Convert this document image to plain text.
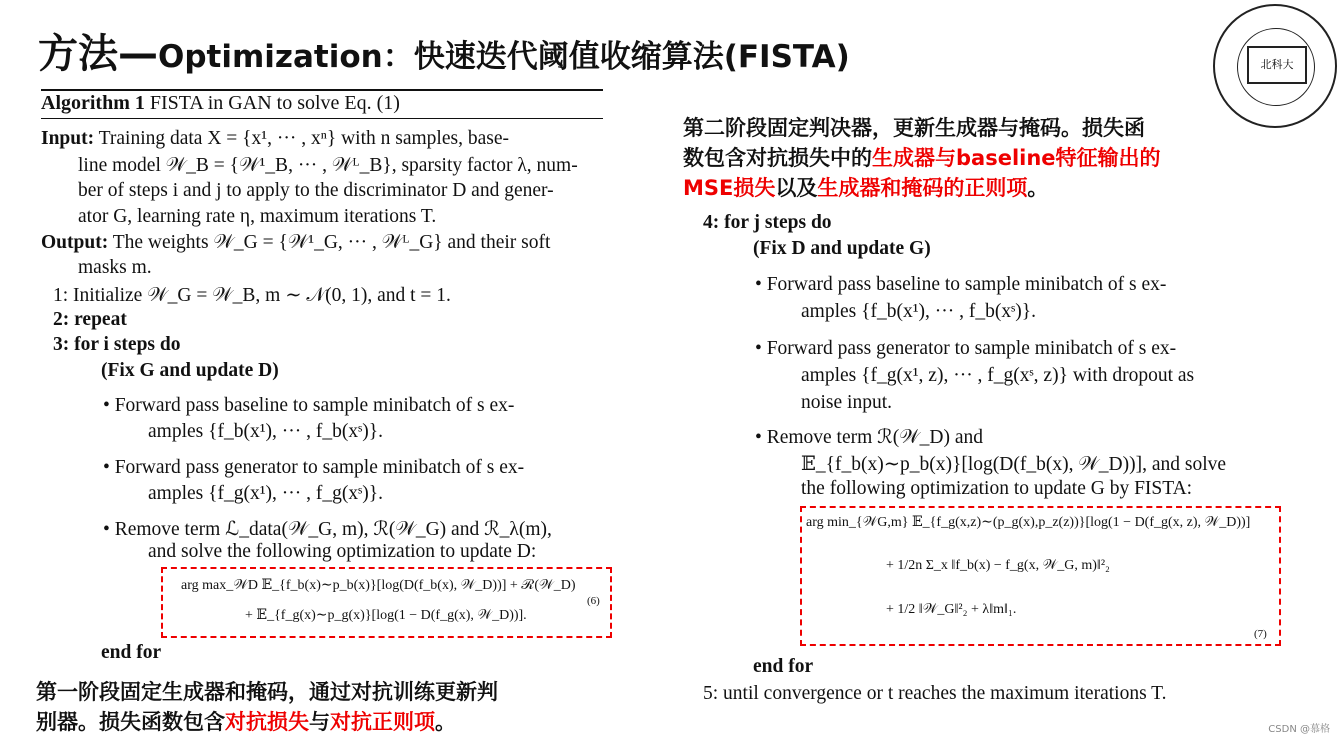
方法—Optimization：快速迭代阈值收缩算法(FISTA)	北科大
Algorithm 1 FISTA in GAN to solve Eq. (1)
Input: Training data X = {x¹, ··· , xⁿ} with n samples, base-
line model 𝒲_B = {𝒲¹_B, ··· , 𝒲ᴸ_B}, sparsity factor λ, num-
ber of steps i and j to apply to the discriminator D and gener-
ator G, learning rate η, maximum iterations T.
Output: The weights 𝒲_G = {𝒲¹_G, ··· , 𝒲ᴸ_G} and their soft
masks m.
1: Initialize 𝒲_G = 𝒲_B, m ∼ 𝒩(0, 1), and t = 1.
2: repeat
3: for i steps do
(Fix G and update D)
• Forward pass baseline to sample minibatch of s ex-
amples {f_b(x¹), ··· , f_b(xˢ)}.
• Forward pass generator to sample minibatch of s ex-
amples {f_g(x¹), ··· , f_g(xˢ)}.
• Remove term ℒ_data(𝒲_G, m), ℛ(𝒲_G) and ℛ_λ(m),
and solve the following optimization to update D:
arg max_𝒲D 𝔼_{f_b(x)∼p_b(x)}[log(D(f_b(x), 𝒲_D))] + ℛ(𝒲_D)
+ 𝔼_{f_g(x)∼p_g(x)}[log(1 − D(f_g(x), 𝒲_D))].
(6)
end for
第一阶段固定生成器和掩码，通过对抗训练更新判
别器。损失函数包含对抗损失与对抗正则项。
第二阶段固定判决器，更新生成器与掩码。损失函
数包含对抗损失中的生成器与baseline特征输出的
MSE损失以及生成器和掩码的正则项。
4: for j steps do
(Fix D and update G)
• Forward pass baseline to sample minibatch of s ex-
amples {f_b(x¹), ··· , f_b(xˢ)}.
• Forward pass generator to sample minibatch of s ex-
amples {f_g(x¹, z), ··· , f_g(xˢ, z)} with dropout as
noise input.
• Remove term ℛ(𝒲_D) and
𝔼_{f_b(x)∼p_b(x)}[log(D(f_b(x), 𝒲_D))], and solve
the following optimization to update G by FISTA:
arg min_{𝒲G,m} 𝔼_{f_g(x,z)∼(p_g(x),p_z(z))}[log(1 − D(f_g(x, z), 𝒲_D))]
+ 1/2n Σ_x ‖f_b(x) − f_g(x, 𝒲_G, m)‖²₂
+ 1/2 ‖𝒲_G‖²₂ + λ‖m‖₁.
(7)
end for
5: until convergence or t reaches the maximum iterations T.
CSDN @慕格
